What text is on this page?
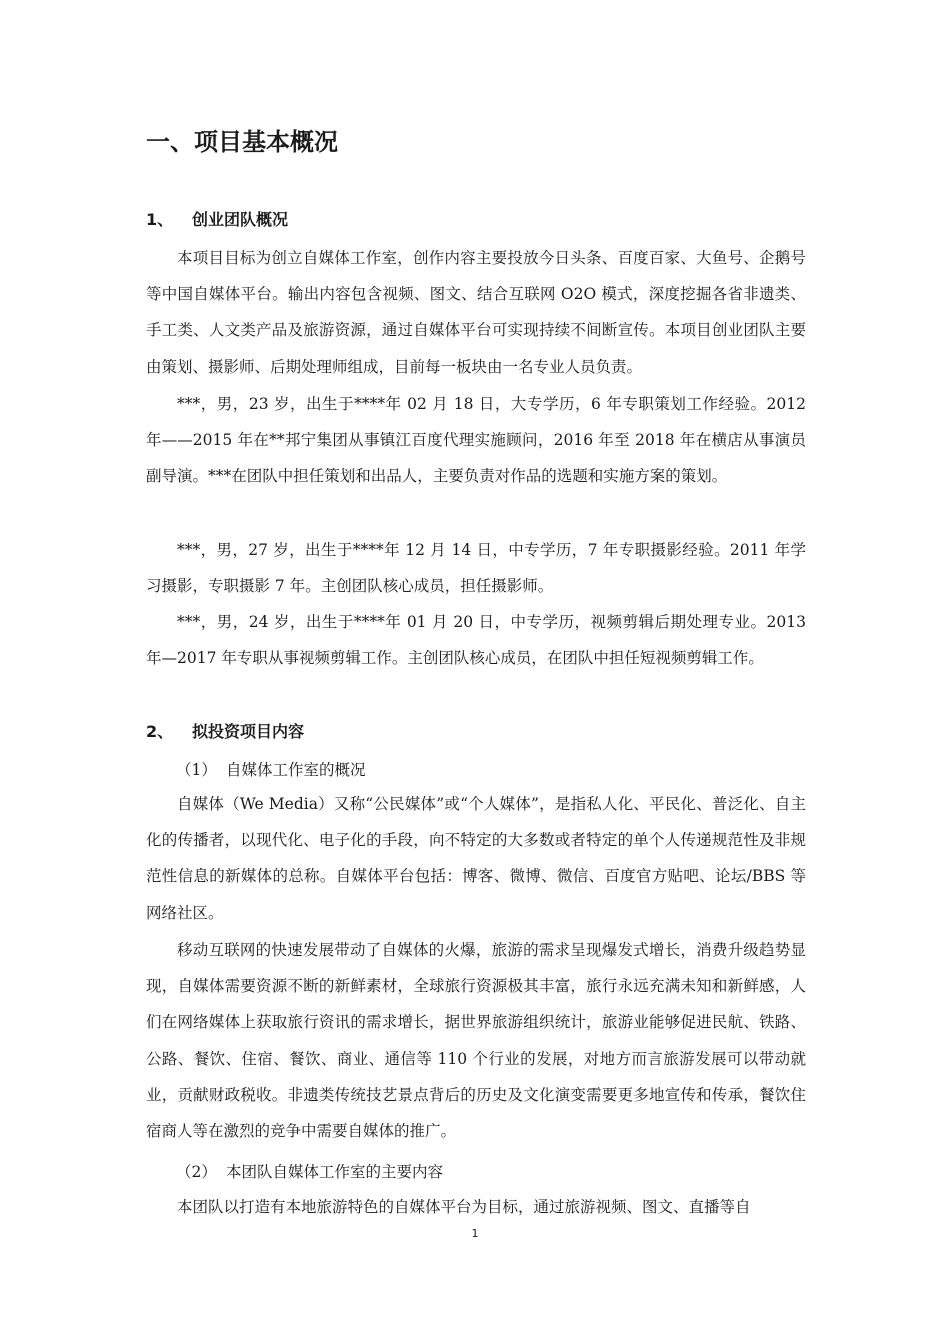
一、项目基本概况
1、 创业团队概况

本项目目标为创立自媒体工作室，创作内容主要投放今日头条、百度百家、大鱼号、企鹅号等中国自媒体平台。输出内容包含视频、图文、结合互联网 O2O 模式，深度挖掘各省非遗类、手工类、人文类产品及旅游资源，通过自媒体平台可实现持续不间断宣传。本项目创业团队主要由策划、摄影师、后期处理师组成，目前每一板块由一名专业人员负责。

***，男，23 岁，出生于****年 02 月 18 日，大专学历，6 年专职策划工作经验。2012 年——2015 年在**邦宁集团从事镇江百度代理实施顾问，2016 年至 2018 年在横店从事演员副导演。***在团队中担任策划和出品人，主要负责对作品的选题和实施方案的策划。

***，男，27 岁，出生于****年 12 月 14 日，中专学历，7 年专职摄影经验。2011 年学习摄影，专职摄影 7 年。主创团队核心成员，担任摄影师。

***，男，24 岁，出生于****年 01 月 20 日，中专学历，视频剪辑后期处理专业。2013 年—2017 年专职从事视频剪辑工作。主创团队核心成员，在团队中担任短视频剪辑工作。

2、 拟投资项目内容
（1） 自媒体工作室的概况

自媒体（We Media）又称“公民媒体”或“个人媒体”，是指私人化、平民化、普泛化、自主化的传播者，以现代化、电子化的手段，向不特定的大多数或者特定的单个人传递规范性及非规范性信息的新媒体的总称。自媒体平台包括：博客、微博、微信、百度官方贴吧、论坛/BBS 等网络社区。

移动互联网的快速发展带动了自媒体的火爆，旅游的需求呈现爆发式增长，消费升级趋势显现，自媒体需要资源不断的新鲜素材，全球旅行资源极其丰富，旅行永远充满未知和新鲜感，人们在网络媒体上获取旅行资讯的需求增长，据世界旅游组织统计，旅游业能够促进民航、铁路、公路、餐饮、住宿、餐饮、商业、通信等 110 个行业的发展，对地方而言旅游发展可以带动就业，贡献财政税收。非遗类传统技艺景点背后的历史及文化演变需要更多地宣传和传承，餐饮住宿商人等在激烈的竞争中需要自媒体的推广。

（2） 本团队自媒体工作室的主要内容

本团队以打造有本地旅游特色的自媒体平台为目标，通过旅游视频、图文、直播等自

1
